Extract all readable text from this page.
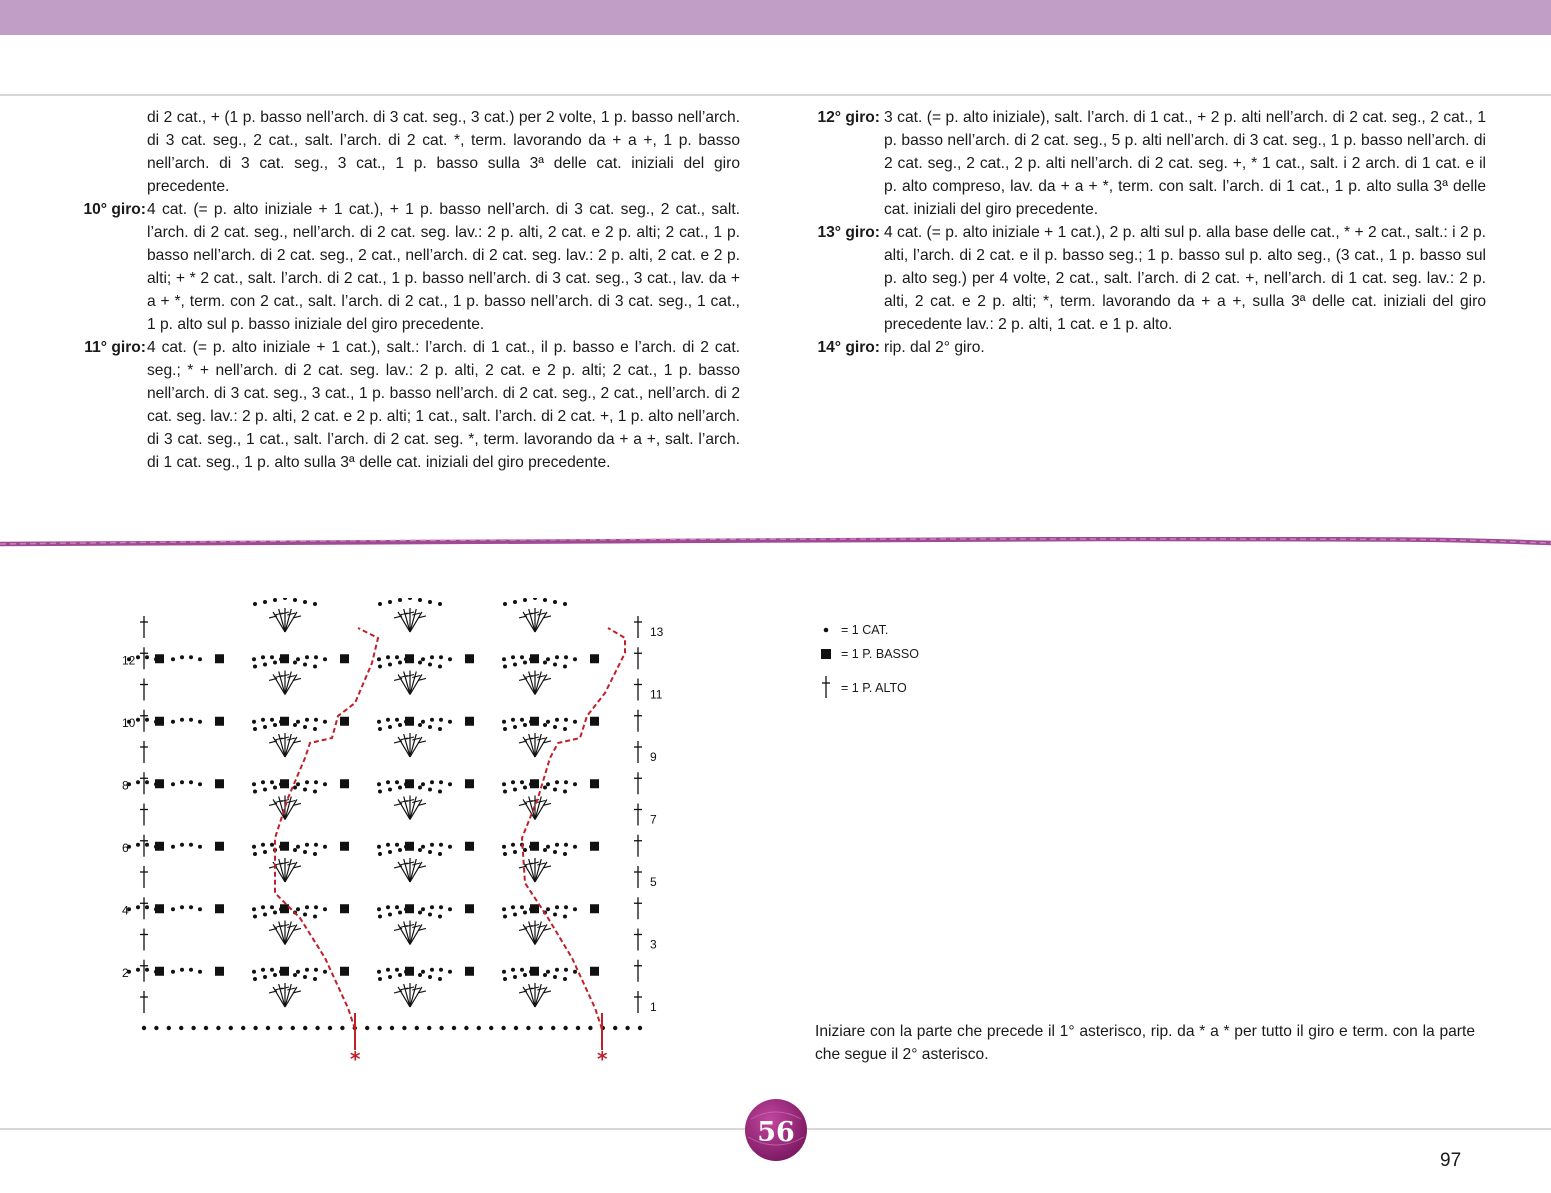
di 2 cat., + (1 p. basso nell’arch. di 3 cat. seg., 3 cat.) per 2 volte, 1 p. basso nell’arch. di 3 cat. seg., 2 cat., salt. l’arch. di 2 cat. *, term. lavorando da + a +, 1 p. basso nell’arch. di 3 cat. seg., 3 cat., 1 p. basso sulla 3ª delle cat. iniziali del giro precedente.
10° giro: 4 cat. (= p. alto iniziale + 1 cat.), + 1 p. basso nell’arch. di 3 cat. seg., 2 cat., salt. l’arch. di 2 cat. seg., nell’arch. di 2 cat. seg. lav.: 2 p. alti, 2 cat. e 2 p. alti; 2 cat., 1 p. basso nell’arch. di 2 cat. seg., 2 cat., nell’arch. di 2 cat. seg. lav.: 2 p. alti, 2 cat. e 2 p. alti; + * 2 cat., salt. l’arch. di 2 cat., 1 p. basso nell’arch. di 3 cat. seg., 3 cat., lav. da + a + *, term. con 2 cat., salt. l’arch. di 2 cat., 1 p. basso nell’arch. di 3 cat. seg., 1 cat., 1 p. alto sul p. basso iniziale del giro precedente.
11° giro: 4 cat. (= p. alto iniziale + 1 cat.), salt.: l’arch. di 1 cat., il p. basso e l’arch. di 2 cat. seg.; * + nell’arch. di 2 cat. seg. lav.: 2 p. alti, 2 cat. e 2 p. alti; 2 cat., 1 p. basso nell’arch. di 3 cat. seg., 3 cat., 1 p. basso nell’arch. di 2 cat. seg., 2 cat., nell’arch. di 2 cat. seg. lav.: 2 p. alti, 2 cat. e 2 p. alti; 1 cat., salt. l’arch. di 2 cat. +, 1 p. alto nell’arch. di 3 cat. seg., 1 cat., salt. l’arch. di 2 cat. seg. *, term. lavorando da + a +, salt. l’arch. di 1 cat. seg., 1 p. alto sulla 3ª delle cat. iniziali del giro precedente.
12° giro: 3 cat. (= p. alto iniziale), salt. l’arch. di 1 cat., + 2 p. alti nell’arch. di 2 cat. seg., 2 cat., 1 p. basso nell’arch. di 2 cat. seg., 5 p. alti nell’arch. di 3 cat. seg., 1 p. basso nell’arch. di 2 cat. seg., 2 cat., 2 p. alti nell’arch. di 2 cat. seg. +, * 1 cat., salt. i 2 arch. di 1 cat. e il p. alto compreso, lav. da + a + *, term. con salt. l’arch. di 1 cat., 1 p. alto sulla 3ª delle cat. iniziali del giro precedente.
13° giro: 4 cat. (= p. alto iniziale + 1 cat.), 2 p. alti sul p. alla base delle cat., * + 2 cat., salt.: i 2 p. alti, l’arch. di 2 cat. e il p. basso seg.; 1 p. basso sul p. alto seg., (3 cat., 1 p. basso sul p. alto seg.) per 4 volte, 2 cat., salt. l’arch. di 2 cat. +, nell’arch. di 1 cat. seg. lav.: 2 p. alti, 2 cat. e 2 p. alti; *, term. lavorando da + a +, sulla 3ª delle cat. iniziali del giro precedente lav.: 2 p. alti, 1 cat. e 1 p. alto.
14° giro: rip. dal 2° giro.
12
10
8
6
4
2
13
11
9
7
5
3
1
*	*
= 1 CAT.
= 1 P. BASSO
= 1 P. ALTO
Iniziare con la parte che precede il 1° asterisco, rip. da * a * per tutto il giro e term. con la parte che segue il 2° asterisco.
56
97
